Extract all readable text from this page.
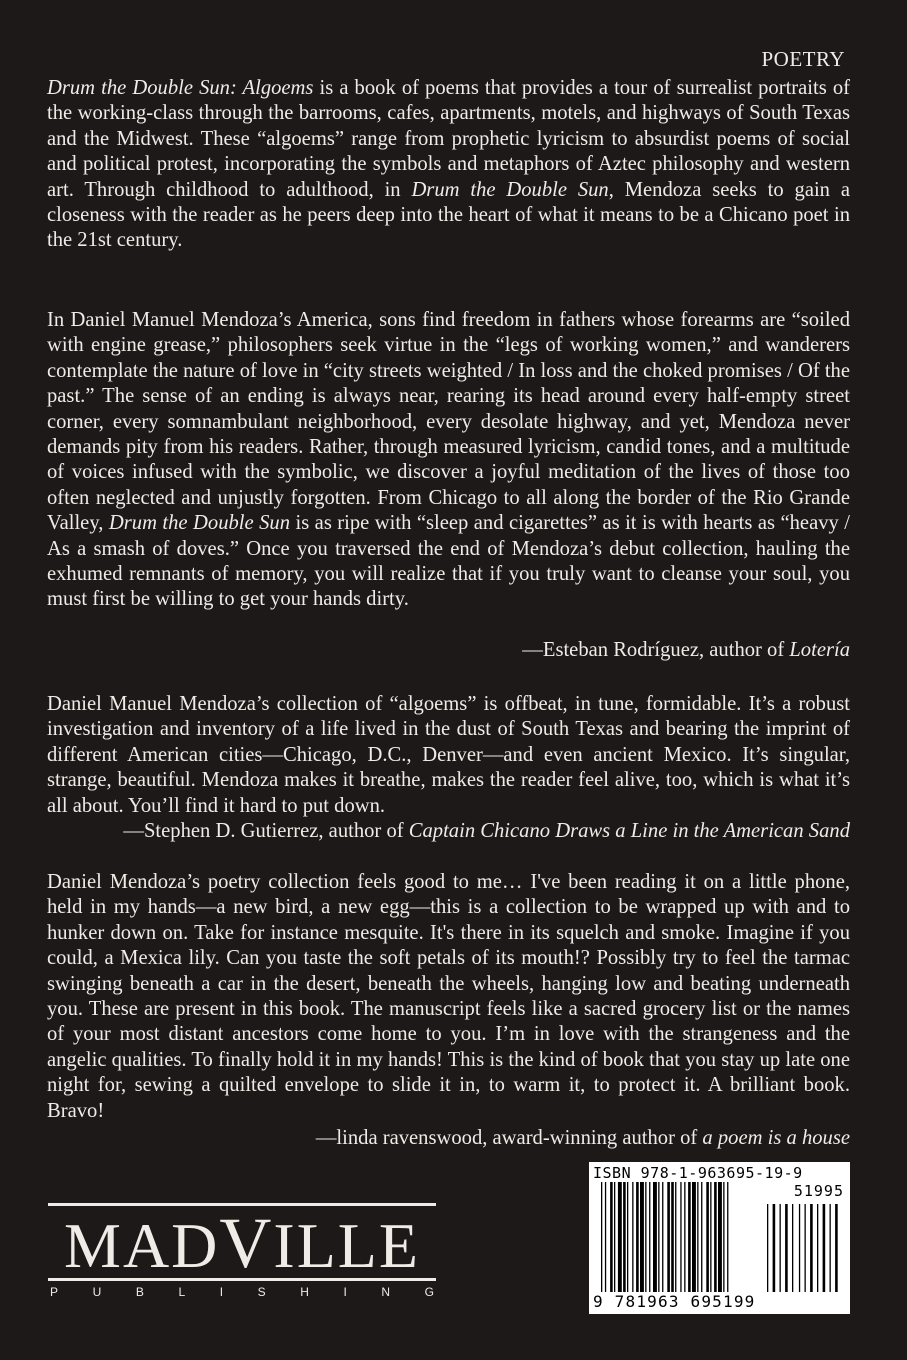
POETRY

Drum the Double Sun: Algoems is a book of poems that provides a tour of surrealist portraits of the working-class through the barrooms, cafes, apartments, motels, and highways of South Texas and the Midwest. These “algoems” range from prophetic lyricism to absurdist poems of social and political protest, incorporating the symbols and metaphors of Aztec philosophy and western art. Through childhood to adulthood, in Drum the Double Sun, Mendoza seeks to gain a closeness with the reader as he peers deep into the heart of what it means to be a Chicano poet in the 21st century.

In Daniel Manuel Mendoza’s America, sons find freedom in fathers whose forearms are “soiled with engine grease,” philosophers seek virtue in the “legs of working women,” and wanderers contemplate the nature of love in “city streets weighted / In loss and the choked promises / Of the past.” The sense of an ending is always near, rearing its head around every half-empty street corner, every somnambulant neighborhood, every desolate highway, and yet, Mendoza never demands pity from his readers. Rather, through measured lyricism, candid tones, and a multitude of voices infused with the symbolic, we discover a joyful meditation of the lives of those too often neglected and unjustly forgotten. From Chicago to all along the border of the Rio Grande Valley, Drum the Double Sun is as ripe with “sleep and cigarettes” as it is with hearts as “heavy / As a smash of doves.” Once you traversed the end of Mendoza’s debut collection, hauling the exhumed remnants of memory, you will realize that if you truly want to cleanse your soul, you must first be willing to get your hands dirty.

—Esteban Rodríguez, author of Lotería

Daniel Manuel Mendoza’s collection of “algoems” is offbeat, in tune, formidable. It’s a robust investigation and inventory of a life lived in the dust of South Texas and bearing the imprint of different American cities—Chicago, D.C., Denver—and even ancient Mexico. It’s singular, strange, beautiful. Mendoza makes it breathe, makes the reader feel alive, too, which is what it’s all about. You’ll find it hard to put down.

—Stephen D. Gutierrez, author of Captain Chicano Draws a Line in the American Sand

Daniel Mendoza’s poetry collection feels good to me… I've been reading it on a little phone, held in my hands—a new bird, a new egg—this is a collection to be wrapped up with and to hunker down on. Take for instance mesquite. It's there in its squelch and smoke. Imagine if you could, a Mexica lily. Can you taste the soft petals of its mouth!? Possibly try to feel the tarmac swinging beneath a car in the desert, beneath the wheels, hanging low and beating underneath you. These are present in this book. The manuscript feels like a sacred grocery list or the names of your most distant ancestors come home to you. I’m in love with the strangeness and the angelic qualities. To finally hold it in my hands! This is the kind of book that you stay up late one night for, sewing a quilted envelope to slide it in, to warm it, to protect it. A brilliant book. Bravo!

—linda ravenswood, award-winning author of a poem is a house
MADVILLE
P	U	B	L	I	S	H	I	N	G
ISBN 978-1-963695-19-9
51995
9 781963 695199
